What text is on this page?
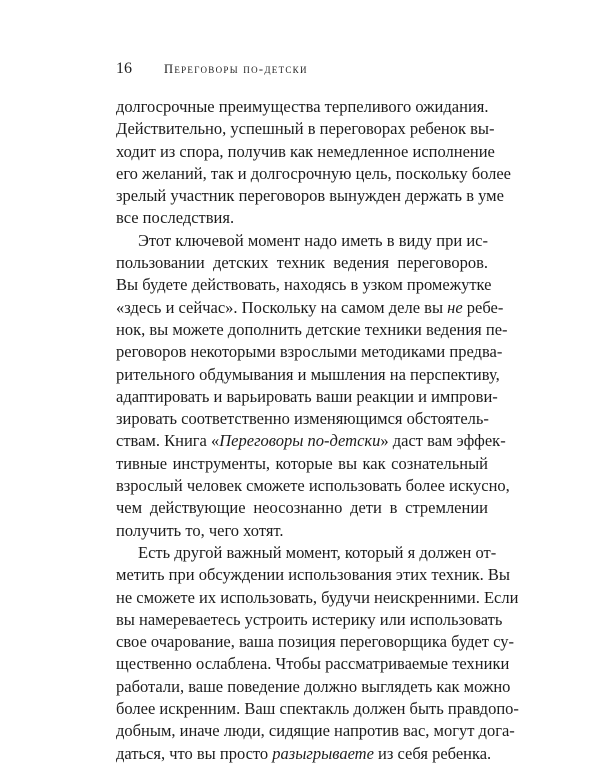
16	Переговоры по-детски
долгосрочные преимущества терпеливого ожидания.
Действительно, успешный в переговорах ребенок вы-
ходит из спора, получив как немедленное исполнение
его желаний, так и долгосрочную цель, поскольку более
зрелый участник переговоров вынужден держать в уме
все последствия.
Этот ключевой момент надо иметь в виду при ис-
пользовании детских техник ведения переговоров.
Вы будете действовать, находясь в узком промежутке
«здесь и сейчас». Поскольку на самом деле вы не ребе-
нок, вы можете дополнить детские техники ведения пе-
реговоров некоторыми взрослыми методиками предва-
рительного обдумывания и мышления на перспективу,
адаптировать и варьировать ваши реакции и импрови-
зировать соответственно изменяющимся обстоятель-
ствам. Книга «Переговоры по-детски» даст вам эффек-
тивные инструменты, которые вы как сознательный
взрослый человек сможете использовать более искусно,
чем действующие неосознанно дети в стремлении
получить то, чего хотят.
Есть другой важный момент, который я должен от-
метить при обсуждении использования этих техник. Вы
не сможете их использовать, будучи неискренними. Если
вы намереваетесь устроить истерику или использовать
свое очарование, ваша позиция переговорщика будет су-
щественно ослаблена. Чтобы рассматриваемые техники
работали, ваше поведение должно выглядеть как можно
более искренним. Ваш спектакль должен быть правдопо-
добным, иначе люди, сидящие напротив вас, могут дога-
даться, что вы просто разыгрываете из себя ребенка.
